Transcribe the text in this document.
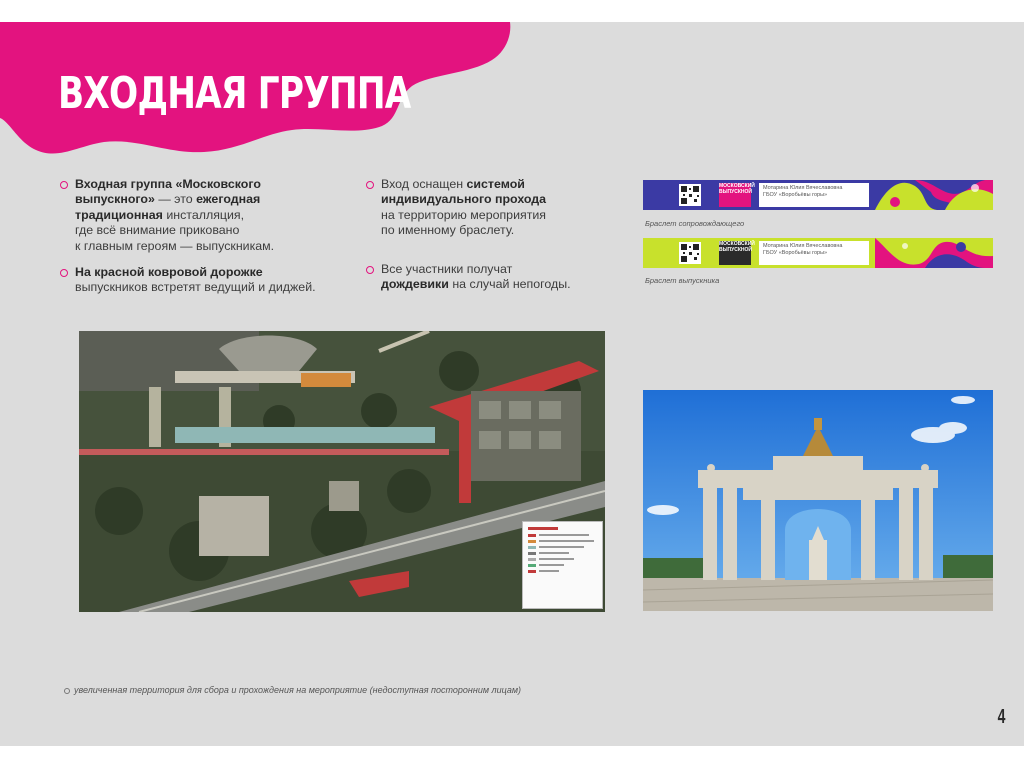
ВХОДНАЯ ГРУППА
Входная группа «Московского
выпускного» — это ежегодная
традиционная инсталляция,
где всё внимание приковано
к главным героям — выпускникам.
На красной ковровой дорожке
выпускников встретят ведущий и диджей.
Вход оснащен системой
индивидуального прохода
на территорию мероприятия
по именному браслету.
Все участники получат
дождевики на случай непогоды.
МОСКОВСКИЙ ВЫПУСКНОЙ
Мотарина Юлия Вячеславовна
ГБОУ «Воробьёвы горы»
Браслет сопровождающего
МОСКОВСКИЙ ВЫПУСКНОЙ
Мотарина Юлия Вячеславовна
ГБОУ «Воробьёвы горы»
Браслет выпускника
увеличенная территория для сбора и прохождения на мероприятие (недоступная посторонним лицам)
4
